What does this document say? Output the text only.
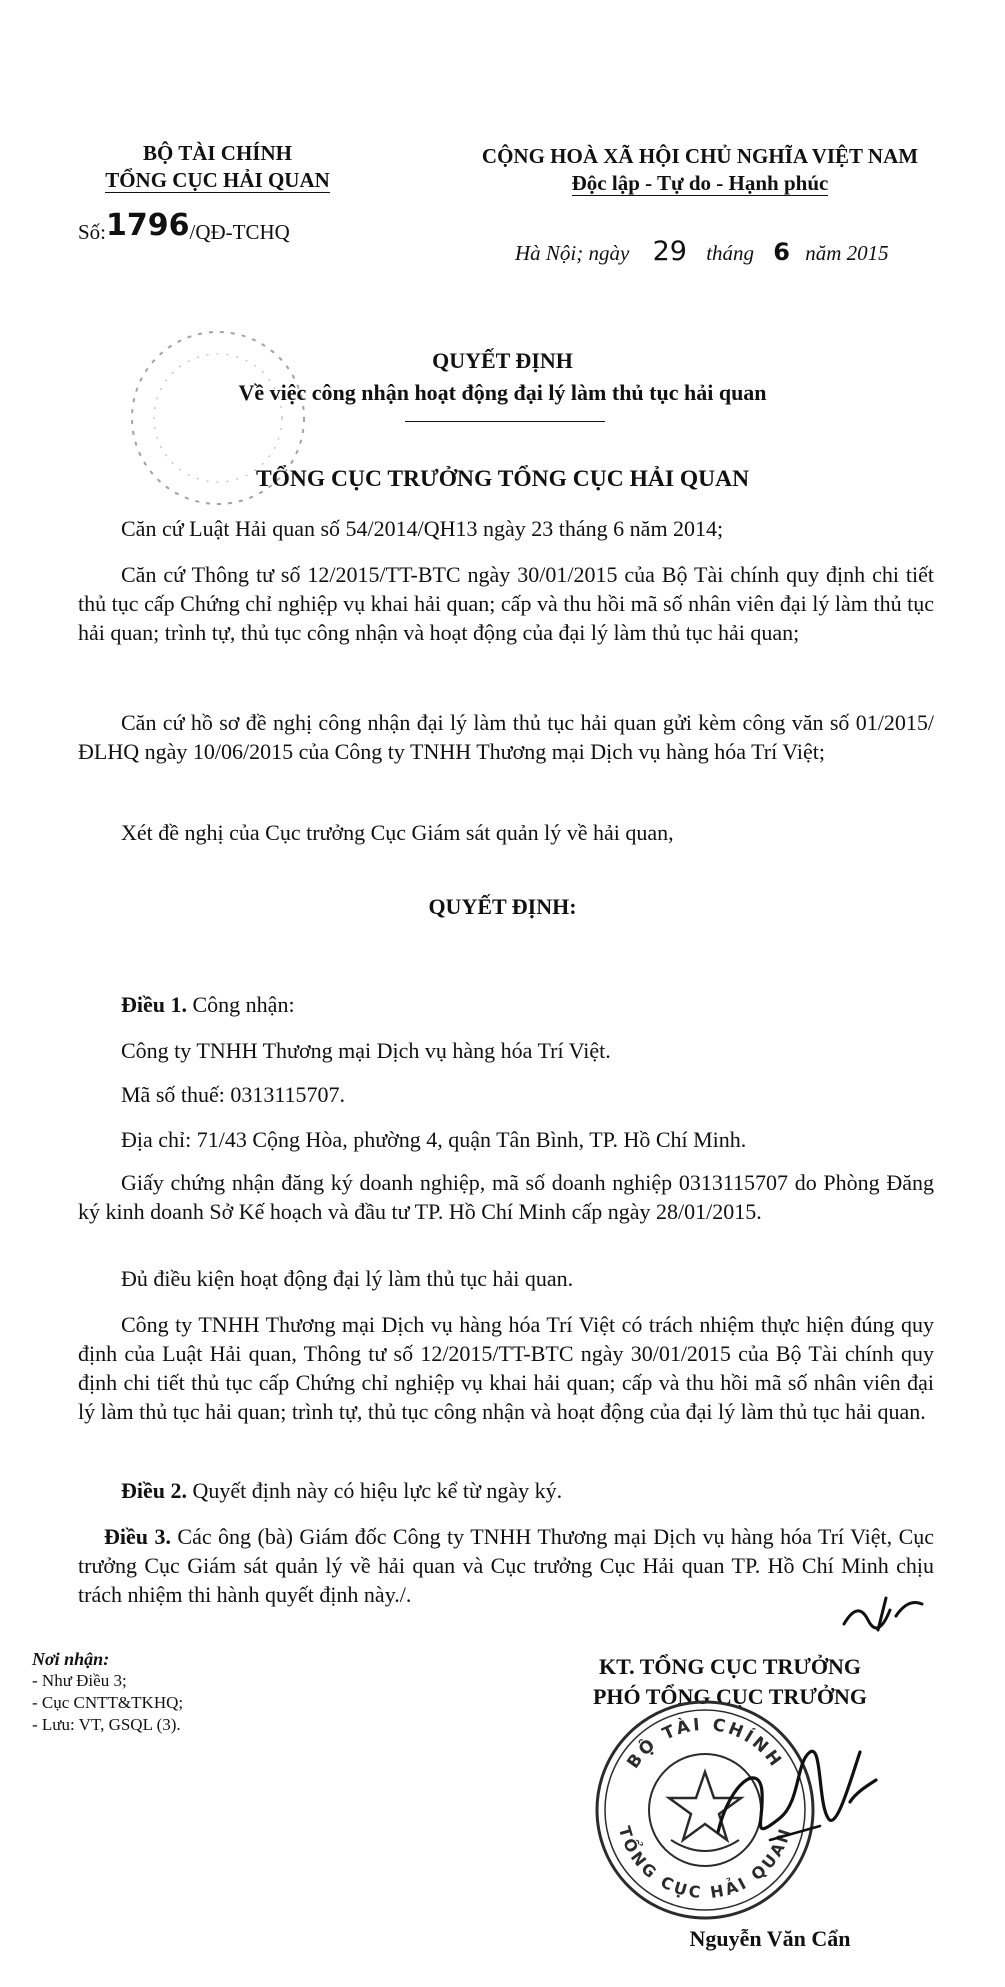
BỘ TÀI CHÍNH
TỔNG CỤC HẢI QUAN
Số:1796/QĐ-TCHQ
CỘNG HOÀ XÃ HỘI CHỦ NGHĨA VIỆT NAM
Độc lập - Tự do - Hạnh phúc
Hà Nội; ngày 29 tháng 6 năm 2015
QUYẾT ĐỊNH
Về việc công nhận hoạt động đại lý làm thủ tục hải quan
TỔNG CỤC TRƯỞNG TỔNG CỤC HẢI QUAN
Căn cứ Luật Hải quan số 54/2014/QH13 ngày 23 tháng 6 năm 2014;
Căn cứ Thông tư số 12/2015/TT-BTC ngày 30/01/2015 của Bộ Tài chính quy định chi tiết thủ tục cấp Chứng chỉ nghiệp vụ khai hải quan; cấp và thu hồi mã số nhân viên đại lý làm thủ tục hải quan; trình tự, thủ tục công nhận và hoạt động của đại lý làm thủ tục hải quan;
Căn cứ hồ sơ đề nghị công nhận đại lý làm thủ tục hải quan gửi kèm công văn số 01/2015/ĐLHQ ngày 10/06/2015 của Công ty TNHH Thương mại Dịch vụ hàng hóa Trí Việt;
Xét đề nghị của Cục trưởng Cục Giám sát quản lý về hải quan,
QUYẾT ĐỊNH:
Điều 1. Công nhận:
Công ty TNHH Thương mại Dịch vụ hàng hóa Trí Việt.
Mã số thuế: 0313115707.
Địa chỉ: 71/43 Cộng Hòa, phường 4, quận Tân Bình, TP. Hồ Chí Minh.
Giấy chứng nhận đăng ký doanh nghiệp, mã số doanh nghiệp 0313115707 do Phòng Đăng ký kinh doanh Sở Kế hoạch và đầu tư TP. Hồ Chí Minh cấp ngày 28/01/2015.
Đủ điều kiện hoạt động đại lý làm thủ tục hải quan.
Công ty TNHH Thương mại Dịch vụ hàng hóa Trí Việt có trách nhiệm thực hiện đúng quy định của Luật Hải quan, Thông tư số 12/2015/TT-BTC ngày 30/01/2015 của Bộ Tài chính quy định chi tiết thủ tục cấp Chứng chỉ nghiệp vụ khai hải quan; cấp và thu hồi mã số nhân viên đại lý làm thủ tục hải quan; trình tự, thủ tục công nhận và hoạt động của đại lý làm thủ tục hải quan.
Điều 2. Quyết định này có hiệu lực kể từ ngày ký.
Điều 3. Các ông (bà) Giám đốc Công ty TNHH Thương mại Dịch vụ hàng hóa Trí Việt, Cục trưởng Cục Giám sát quản lý về hải quan và Cục trưởng Cục Hải quan TP. Hồ Chí Minh chịu trách nhiệm thi hành quyết định này./.
Nơi nhận:
- Như Điều 3;
- Cục CNTT&TKHQ;
- Lưu: VT, GSQL (3).
KT. TỔNG CỤC TRƯỞNG
PHÓ TỔNG CỤC TRƯỞNG
BỘ TÀI CHÍNH
TỔNG CỤC HẢI QUAN
Nguyễn Văn Cẩn
